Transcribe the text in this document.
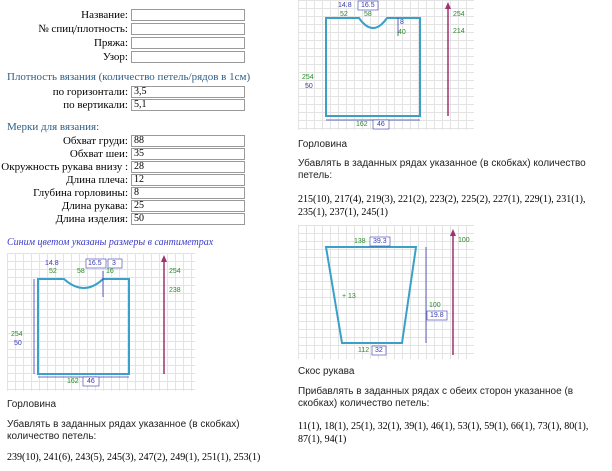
Название:
№ спиц/плотность:
Пряжа:
Узор:
Плотность вязания (количество петель/рядов в 1см)
по горизонтали: 3,5
по вертикали: 5,1
Мерки для вязания:
Обхват груди: 88
Обхват шеи: 35
Окружность рукава внизу : 28
Длина плеча: 12
Глубина горловины: 8
Длина рукава: 25
Длина изделия: 50
Синим цветом указаны размеры в сантиметрах
14.8	16.5 3
52	58	16	254
238
254
50
162 46
Горловина
Убавлять в заданных рядах указанное (в скобках) количество петель:
239(10), 241(6), 243(5), 245(3), 247(2), 249(1), 251(1), 253(1)
14.8 16.5
52 58
8
40
254
214
254
50
162 46
Горловина
Убавлять в заданных рядах указанное (в скобках) количество петель:
215(10), 217(4), 219(3), 221(2), 223(2), 225(2), 227(1), 229(1), 231(1), 235(1), 237(1), 245(1)
138 39.3	100
+ 13
100
19.8
112 32
Скос рукава
Прибавлять в заданных рядах с обеих сторон указанное (в скобках) количество петель:
11(1), 18(1), 25(1), 32(1), 39(1), 46(1), 53(1), 59(1), 66(1), 73(1), 80(1), 87(1), 94(1)
